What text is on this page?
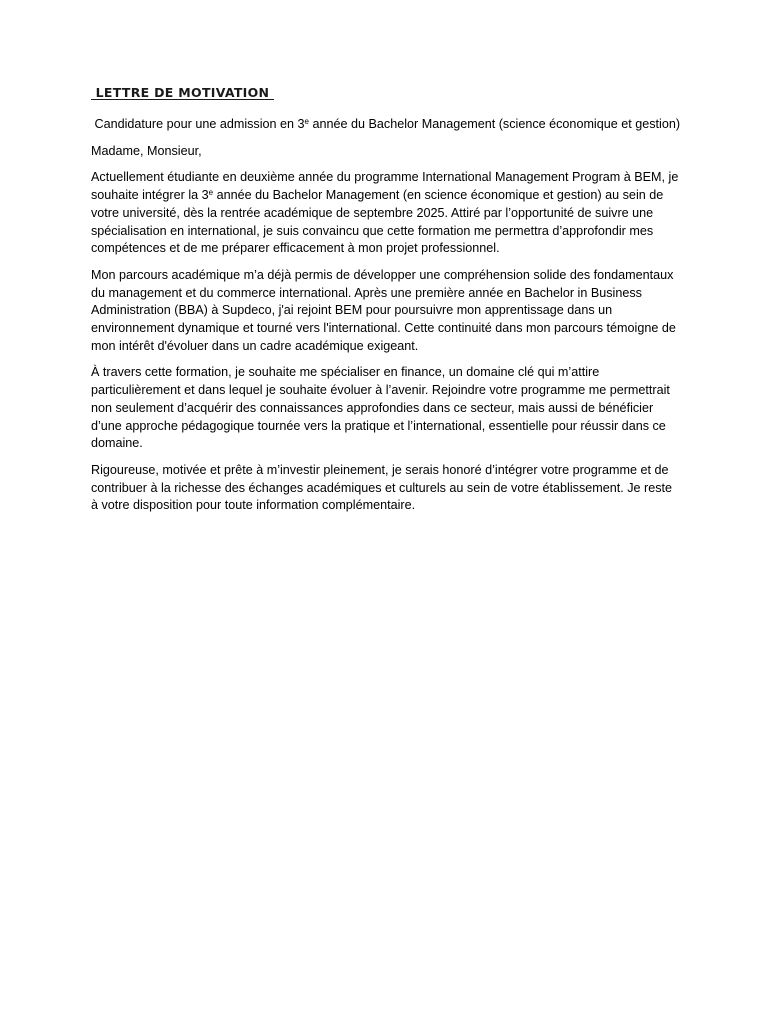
LETTRE DE MOTIVATION

Candidature pour une admission en 3e année du Bachelor Management (science économique et gestion)

Madame, Monsieur,

Actuellement étudiante en deuxième année du programme International Management Program à BEM, je souhaite intégrer la 3e année du Bachelor Management (en science économique et gestion) au sein de votre université, dès la rentrée académique de septembre 2025. Attiré par l’opportunité de suivre une spécialisation en international, je suis convaincu que cette formation me permettra d’approfondir mes compétences et de me préparer efficacement à mon projet professionnel.

Mon parcours académique m’a déjà permis de développer une compréhension solide des fondamentaux du management et du commerce international. Après une première année en Bachelor in Business Administration (BBA) à Supdeco, j'ai rejoint BEM pour poursuivre mon apprentissage dans un environnement dynamique et tourné vers l'international. Cette continuité dans mon parcours témoigne de mon intérêt d'évoluer dans un cadre académique exigeant.

À travers cette formation, je souhaite me spécialiser en finance, un domaine clé qui m’attire particulièrement et dans lequel je souhaite évoluer à l’avenir. Rejoindre votre programme me permettrait non seulement d’acquérir des connaissances approfondies dans ce secteur, mais aussi de bénéficier d’une approche pédagogique tournée vers la pratique et l’international, essentielle pour réussir dans ce domaine.

Rigoureuse, motivée et prête à m’investir pleinement, je serais honoré d’intégrer votre programme et de contribuer à la richesse des échanges académiques et culturels au sein de votre établissement. Je reste à votre disposition pour toute information complémentaire.
